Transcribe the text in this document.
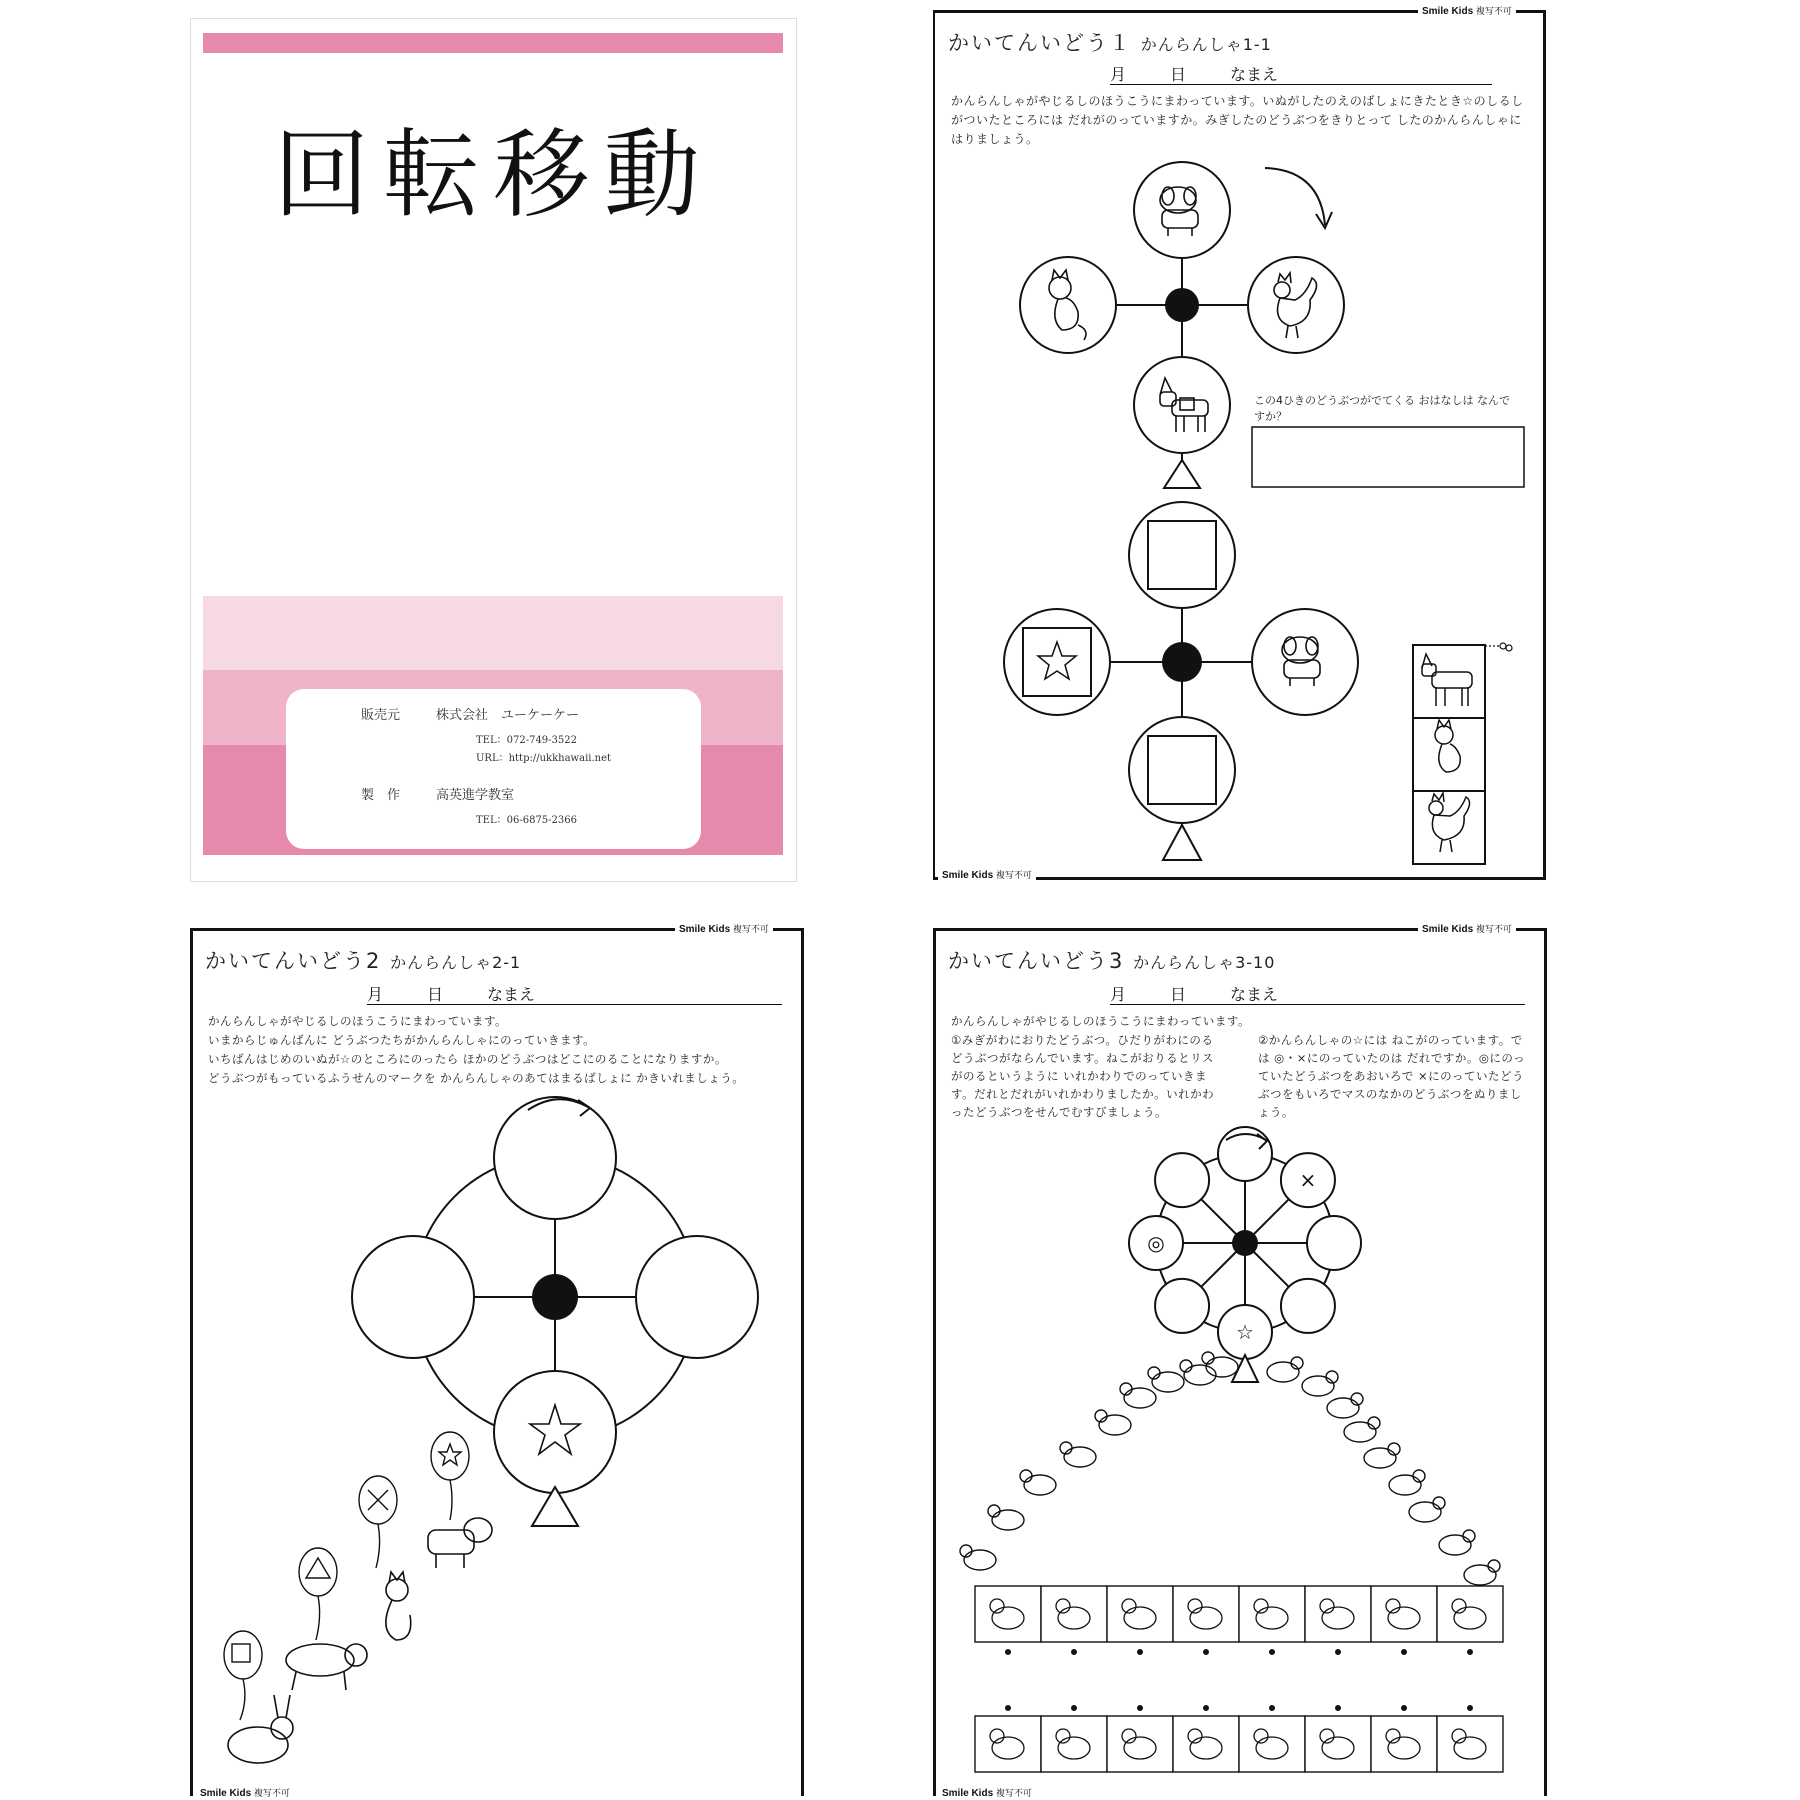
回転移動
販売元	株式会社　ユーケーケー
TEL：072-749-3522
URL：http://ukkhawaii.net
製　作	高英進学教室
TEL：06-6875-2366
Smile Kids 複写不可
Smile Kids 複写不可
かいてんいどう１ かんらんしゃ1-1
月	日	なまえ
かんらんしゃがやじるしのほうこうにまわっています。いぬがしたのえのばしょにきたとき☆のしるしがついたところには だれがのっていますか。みぎしたのどうぶつをきりとって したのかんらんしゃにはりましょう。
この4ひきのどうぶつがでてくる おはなしは なんですか？
Smile Kids 複写不可
Smile Kids 複写不可
かいてんいどう2 かんらんしゃ2-1
月	日	なまえ
かんらんしゃがやじるしのほうこうにまわっています。
いまからじゅんばんに どうぶつたちがかんらんしゃにのっていきます。
いちばんはじめのいぬが☆のところにのったら ほかのどうぶつはどこにのることになりますか。
どうぶつがもっているふうせんのマークを かんらんしゃのあてはまるばしょに かきいれましょう。
Smile Kids 複写不可
Smile Kids 複写不可
かいてんいどう3 かんらんしゃ3-10
月	日	なまえ
かんらんしゃがやじるしのほうこうにまわっています。
①みぎがわにおりたどうぶつ。ひだりがわにのるどうぶつがならんでいます。ねこがおりるとリスがのるというように いれかわりでのっていきます。だれとだれがいれかわりましたか。いれかわったどうぶつをせんでむすびましょう。
②かんらんしゃの☆には ねこがのっています。では ◎・×にのっていたのは だれですか。◎にのっていたどうぶつをあおいろで ×にのっていたどうぶつをもいろでマスのなかのどうぶつをぬりましょう。
×
◎
☆
